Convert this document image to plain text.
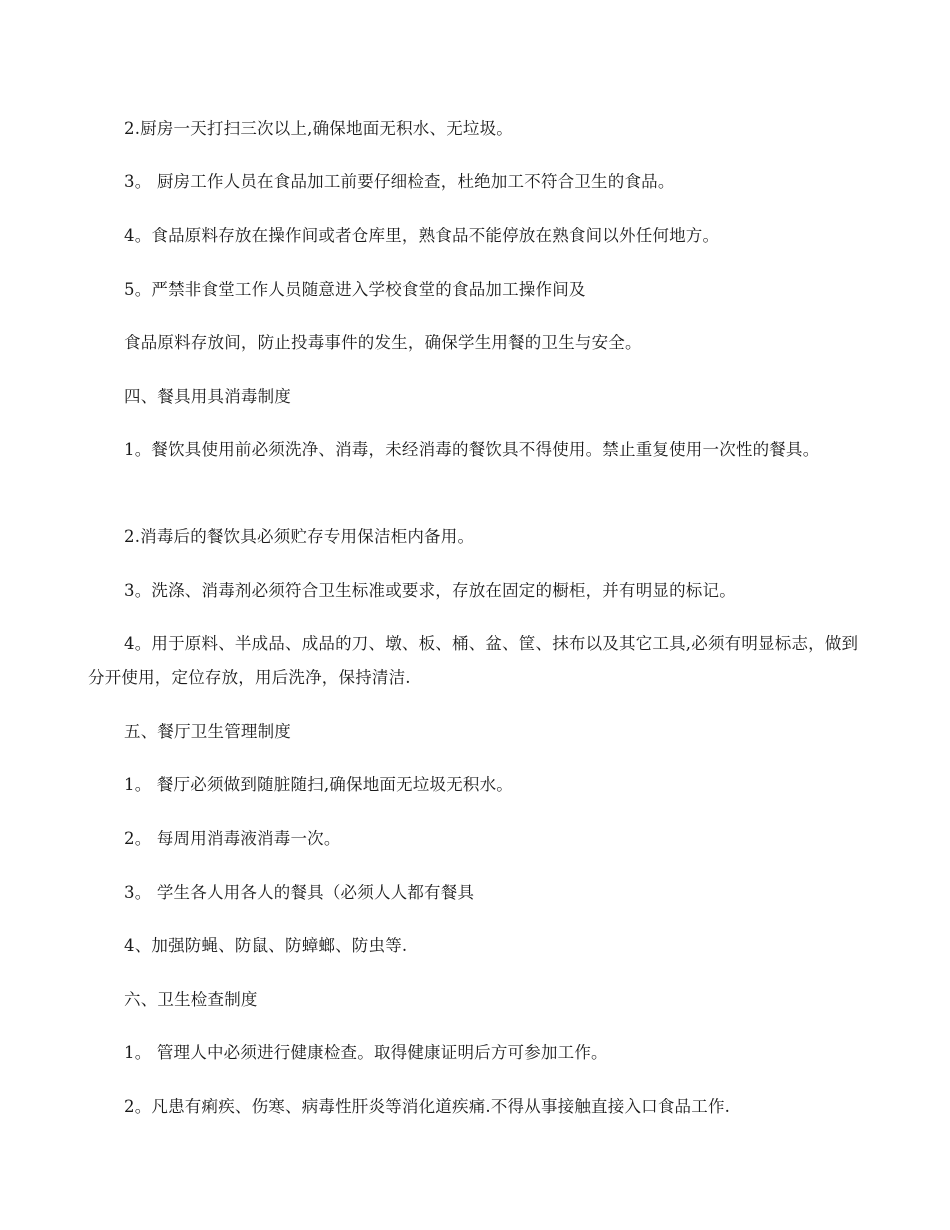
2.厨房一天打扫三次以上,确保地面无积水、无垃圾。

3。 厨房工作人员在食品加工前要仔细检查，杜绝加工不符合卫生的食品。

4。食品原料存放在操作间或者仓库里，熟食品不能停放在熟食间以外任何地方。

5。严禁非食堂工作人员随意进入学校食堂的食品加工操作间及

食品原料存放间，防止投毒事件的发生，确保学生用餐的卫生与安全。

四、餐具用具消毒制度

1。餐饮具使用前必须洗净、消毒，未经消毒的餐饮具不得使用。禁止重复使用一次性的餐具。

2.消毒后的餐饮具必须贮存专用保洁柜内备用。

3。洗涤、消毒剂必须符合卫生标准或要求，存放在固定的橱柜，并有明显的标记。

4。用于原料、半成品、成品的刀、墩、板、桶、盆、筐、抹布以及其它工具,必须有明显标志，做到分开使用，定位存放，用后洗净，保持清洁.

五、餐厅卫生管理制度

1。 餐厅必须做到随脏随扫,确保地面无垃圾无积水。

2。 每周用消毒液消毒一次。

3。 学生各人用各人的餐具（必须人人都有餐具

4、加强防蝇、防鼠、防蟑螂、防虫等.

六、卫生检查制度

1。 管理人中必须进行健康检查。取得健康证明后方可参加工作。

2。凡患有痢疾、伤寒、病毒性肝炎等消化道疾痛.不得从事接触直接入口食品工作.
